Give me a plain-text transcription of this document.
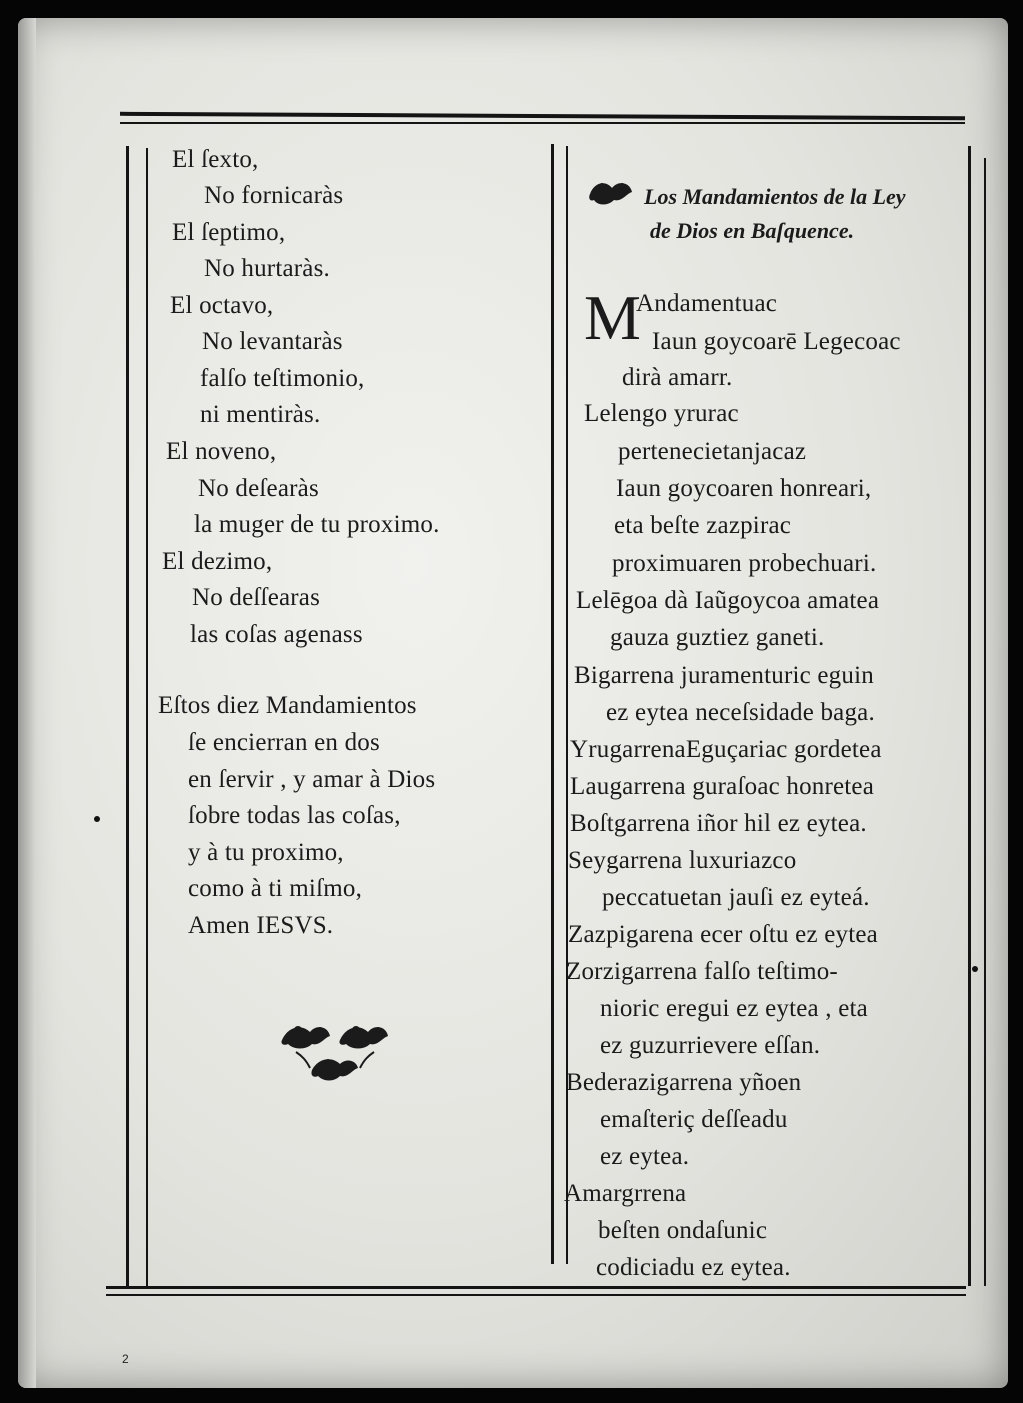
El ſexto,
No fornicaràs
El ſeptimo,
No hurtaràs.
El octavo,
No levantaràs
falſo teſtimonio,
ni mentiràs.
El noveno,
No deſearàs
la muger de tu proximo.
El dezimo,
No deſſearas
las coſas agenass
Eſtos diez Mandamientos
ſe encierran en dos
en ſervir , y amar à Dios
ſobre todas las coſas,
y à tu proximo,
como à ti miſmo,
Amen IESVS.
Los Mandamientos de la Ley
de Dios en Baſquence.
M
Andamentuac
Iaun goycoarē Legecoac
dirà amarr.
Lelengo yrurac
pertenecietanjacaz
Iaun goycoaren honreari,
eta beſte zazpirac
proximuaren probechuari.
Lelēgoa dà Iaũgoycoa amatea
gauza guztiez ganeti.
Bigarrena juramenturic eguin
ez eytea neceſsidade baga.
YrugarrenaEguçariac gordetea
Laugarrena guraſoac honretea
Boſtgarrena iñor hil ez eytea.
Seygarrena luxuriazco
peccatuetan jauſi ez eyteá.
Zazpigarena ecer oſtu ez eytea
Zorzigarrena falſo teſtimo-
nioric eregui ez eytea , eta
ez guzurrievere eſſan.
Bederazigarrena yñoen
emaſteriç deſſeadu
ez eytea.
Amargrrena
beſten ondaſunic
codiciadu ez eytea.
2
